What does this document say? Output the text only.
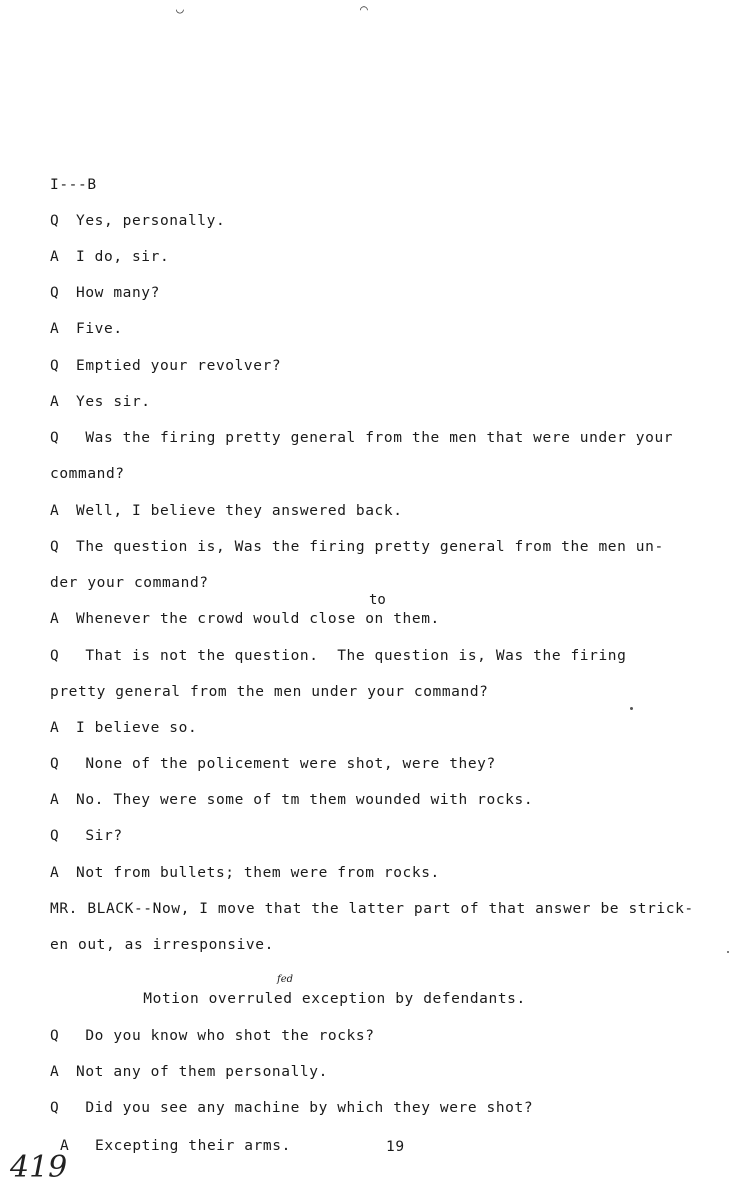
◡	⌒
I---B
Q Yes, personally.
A I do, sir.
Q How many?
A Five.
Q Emptied your revolver?
A Yes sir.
Q Was the firing pretty general from the men that were under your
command?
A Well, I believe they answered back.
Q The question is, Was the firing pretty general from the men un-
der your command?
to
A Whenever the crowd would close on them.
Q That is not the question.  The question is, Was the firing
pretty general from the men under your command?
A I believe so.
Q None of the policement were shot, were they?
A No. They were some of tm them wounded with rocks.
Q Sir?
A Not from bullets; them were from rocks.
MR. BLACK--Now, I move that the latter part of that answer be strick-
en out, as irresponsive.
fed
Motion overruled exception by defendants.
Q Do you know who shot the rocks?
A Not any of them personally.
Q Did you see any machine by which they were shot?
A Excepting their arms.	19
419
